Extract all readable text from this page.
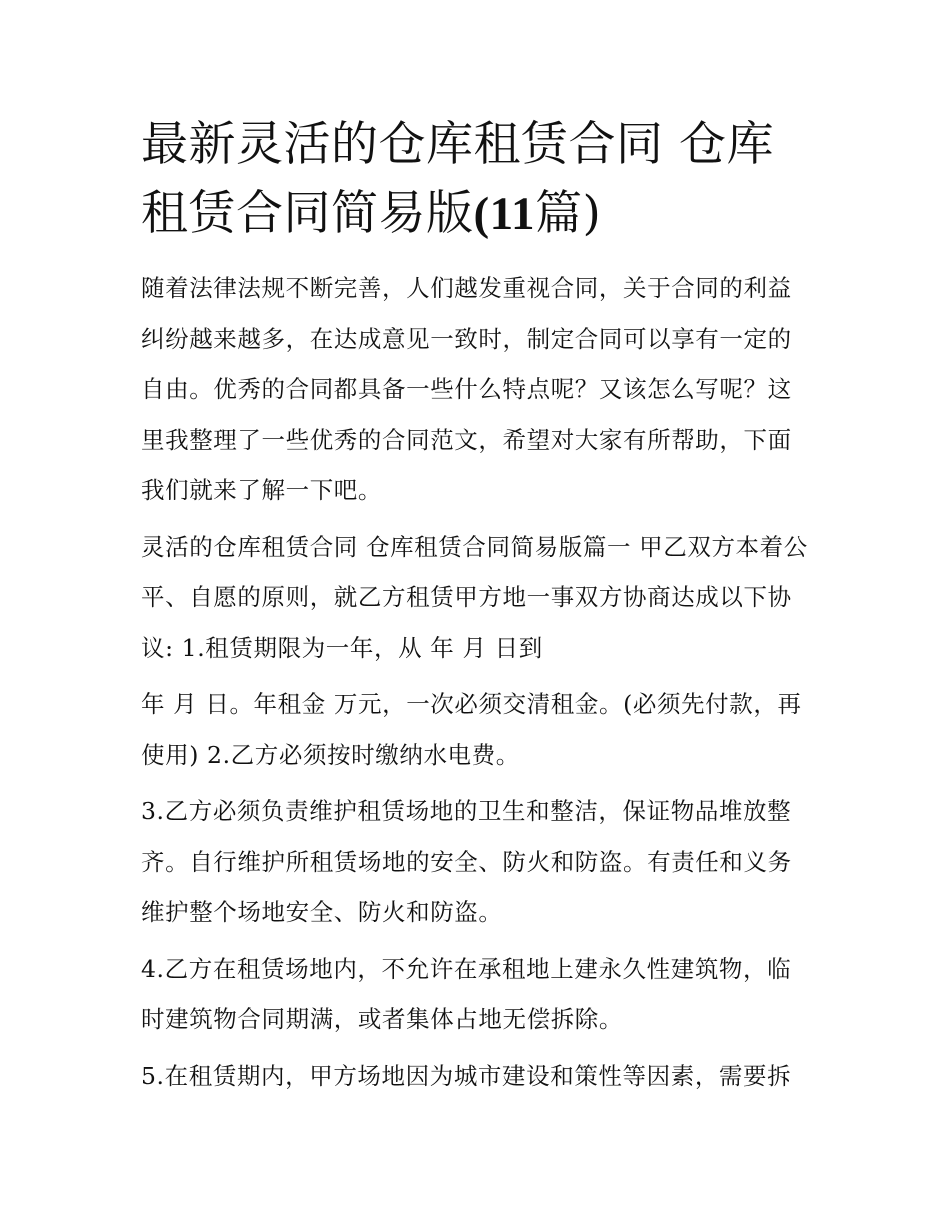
最新灵活的仓库租赁合同 仓库
租赁合同简易版(11篇)

随着法律法规不断完善，人们越发重视合同，关于合同的利益纠纷越来越多，在达成意见一致时，制定合同可以享有一定的自由。优秀的合同都具备一些什么特点呢？又该怎么写呢？这里我整理了一些优秀的合同范文，希望对大家有所帮助，下面我们就来了解一下吧。

灵活的仓库租赁合同 仓库租赁合同简易版篇一 甲乙双方本着公平、自愿的原则，就乙方租赁甲方地一事双方协商达成以下协议: 1.租赁期限为一年，从 年 月 日到

年 月 日。年租金 万元，一次必须交清租金。(必须先付款，再使用) 2.乙方必须按时缴纳水电费。

3.乙方必须负责维护租赁场地的卫生和整洁，保证物品堆放整齐。自行维护所租赁场地的安全、防火和防盗。有责任和义务维护整个场地安全、防火和防盗。

4.乙方在租赁场地内，不允许在承租地上建永久性建筑物，临时建筑物合同期满，或者集体占地无偿拆除。

5.在租赁期内，甲方场地因为城市建设和策性等因素，需要拆
